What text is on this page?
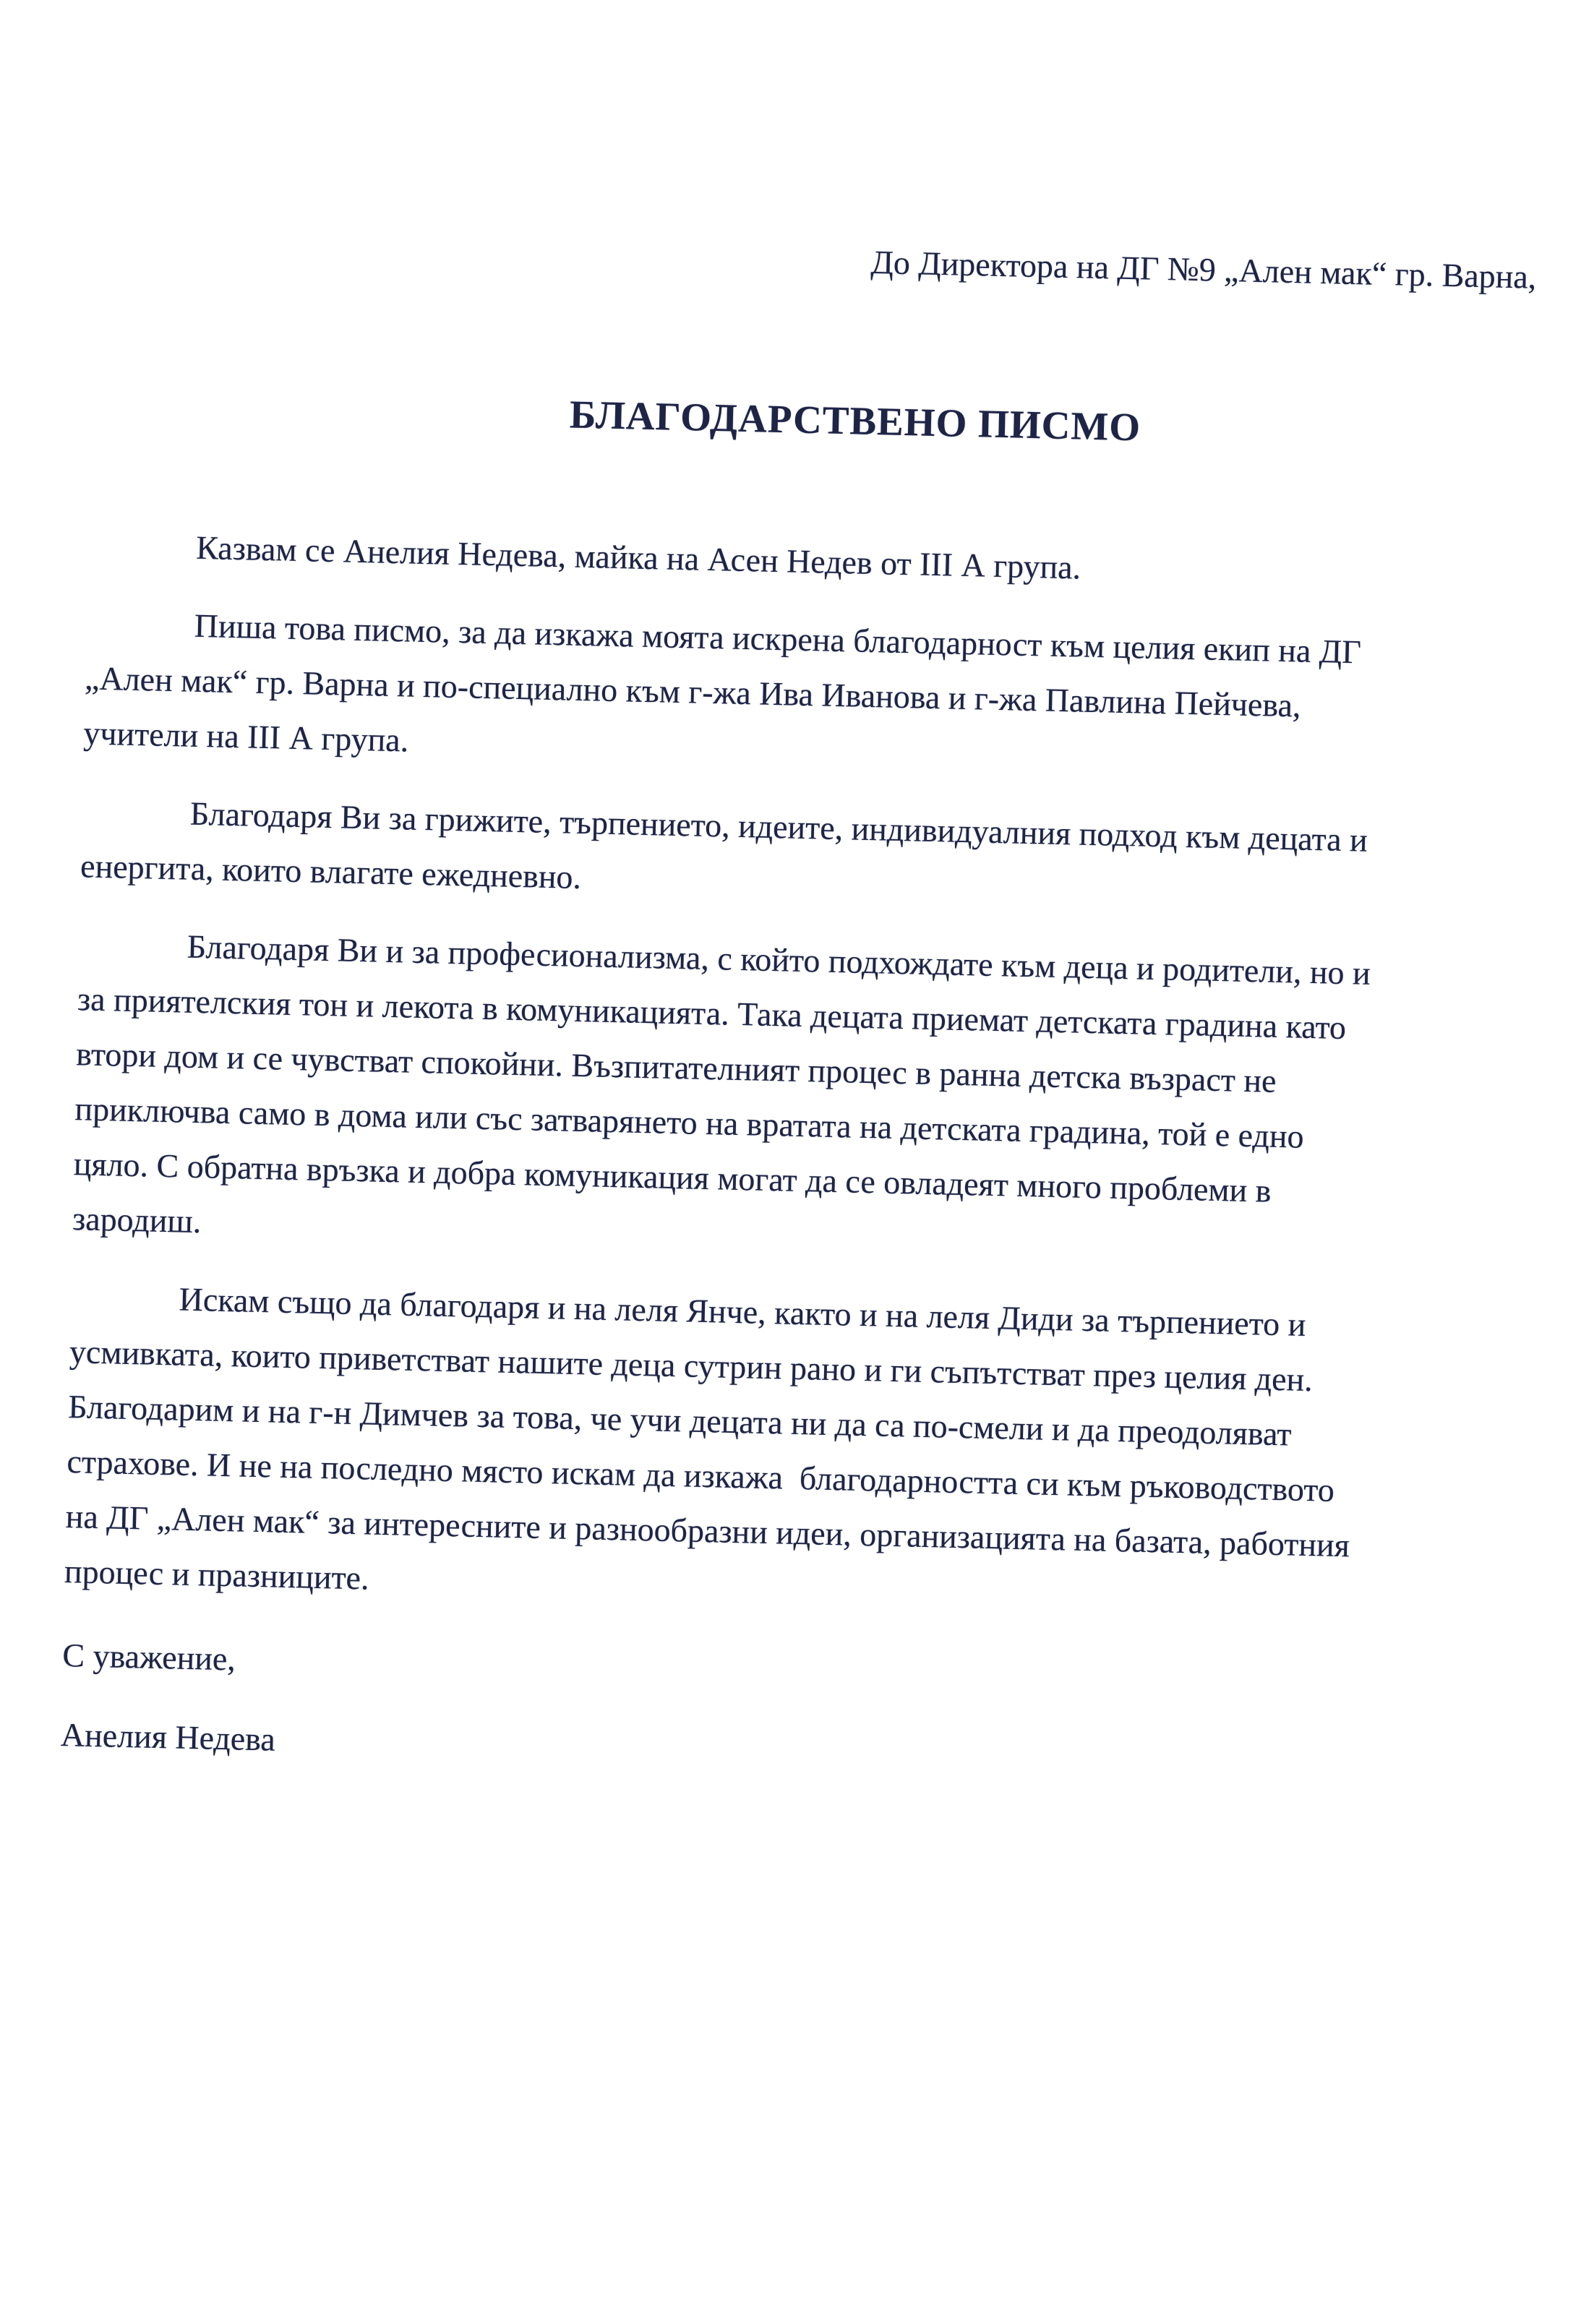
До Директора на ДГ №9 „Ален мак“ гр. Варна,
БЛАГОДАРСТВЕНО ПИСМО

Казвам се Анелия Недева, майка на Асен Недев от III А група.

Пиша това писмо, за да изкажа моята искрена благодарност към целия екип на ДГ
„Ален мак“ гр. Варна и по-специално към г-жа Ива Иванова и г-жа Павлина Пейчева,
учители на III А група.

Благодаря Ви за грижите, търпението, идеите, индивидуалния подход към децата и
енергита, които влагате ежедневно.

Благодаря Ви и за професионализма, с който подхождате към деца и родители, но и
за приятелския тон и лекота в комуникацията. Така децата приемат детската градина като
втори дом и се чувстват спокойни. Възпитателният процес в ранна детска възраст не
приключва само в дома или със затварянето на вратата на детската градина, той е едно
цяло. С обратна връзка и добра комуникация могат да се овладеят много проблеми в
зародиш.

Искам също да благодаря и на леля Янче, както и на леля Диди за търпението и
усмивката, които приветстват нашите деца сутрин рано и ги съпътстват през целия ден.
Благодарим и на г-н Димчев за това, че учи децата ни да са по-смели и да преодоляват
страхове. И не на последно място искам да изкажа  благодарността си към ръководството
на ДГ „Ален мак“ за интересните и разнообразни идеи, организацията на базата, работния
процес и празниците.

С уважение,

Анелия Недева
